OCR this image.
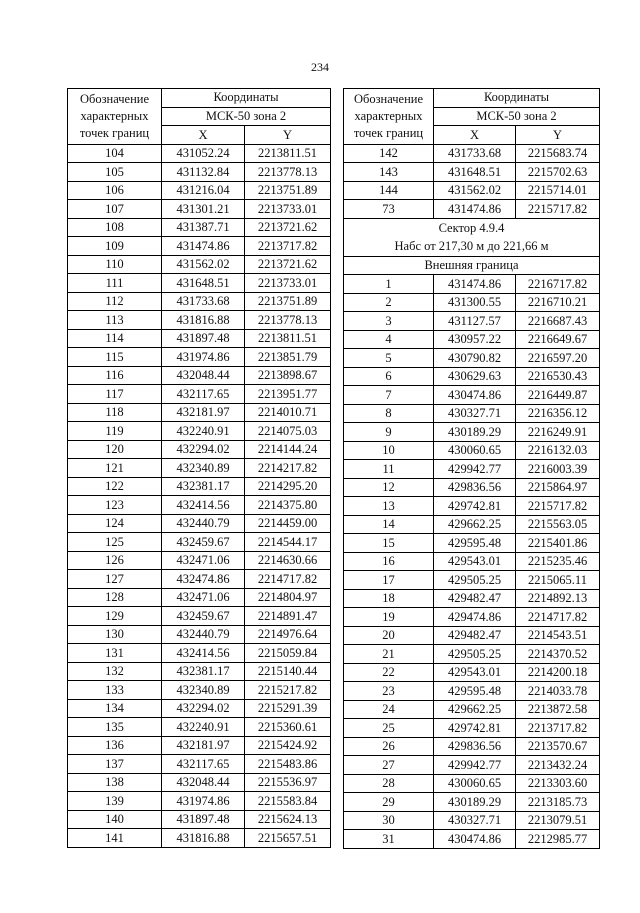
234
Обозначение характерных точек границ	Координаты	
	МСК-50 зона 2	
	X	Y
104	431052.24	2213811.51
105	431132.84	2213778.13
106	431216.04	2213751.89
107	431301.21	2213733.01
108	431387.71	2213721.62
109	431474.86	2213717.82
110	431562.02	2213721.62
111	431648.51	2213733.01
112	431733.68	2213751.89
113	431816.88	2213778.13
114	431897.48	2213811.51
115	431974.86	2213851.79
116	432048.44	2213898.67
117	432117.65	2213951.77
118	432181.97	2214010.71
119	432240.91	2214075.03
120	432294.02	2214144.24
121	432340.89	2214217.82
122	432381.17	2214295.20
123	432414.56	2214375.80
124	432440.79	2214459.00
125	432459.67	2214544.17
126	432471.06	2214630.66
127	432474.86	2214717.82
128	432471.06	2214804.97
129	432459.67	2214891.47
130	432440.79	2214976.64
131	432414.56	2215059.84
132	432381.17	2215140.44
133	432340.89	2215217.82
134	432294.02	2215291.39
135	432240.91	2215360.61
136	432181.97	2215424.92
137	432117.65	2215483.86
138	432048.44	2215536.97
139	431974.86	2215583.84
140	431897.48	2215624.13
141	431816.88	2215657.51
Обозначение характерных точек границ	Координаты	
	МСК-50 зона 2	
	X	Y
142	431733.68	2215683.74
143	431648.51	2215702.63
144	431562.02	2215714.01
73	431474.86	2215717.82

Сектор 4.9.4
Набс от 217,30 м до 221,66 м		

Внешняя граница		
1	431474.86	2216717.82
2	431300.55	2216710.21
3	431127.57	2216687.43
4	430957.22	2216649.67
5	430790.82	2216597.20
6	430629.63	2216530.43
7	430474.86	2216449.87
8	430327.71	2216356.12
9	430189.29	2216249.91
10	430060.65	2216132.03
11	429942.77	2216003.39
12	429836.56	2215864.97
13	429742.81	2215717.82
14	429662.25	2215563.05
15	429595.48	2215401.86
16	429543.01	2215235.46
17	429505.25	2215065.11
18	429482.47	2214892.13
19	429474.86	2214717.82
20	429482.47	2214543.51
21	429505.25	2214370.52
22	429543.01	2214200.18
23	429595.48	2214033.78
24	429662.25	2213872.58
25	429742.81	2213717.82
26	429836.56	2213570.67
27	429942.77	2213432.24
28	430060.65	2213303.60
29	430189.29	2213185.73
30	430327.71	2213079.51
31	430474.86	2212985.77
